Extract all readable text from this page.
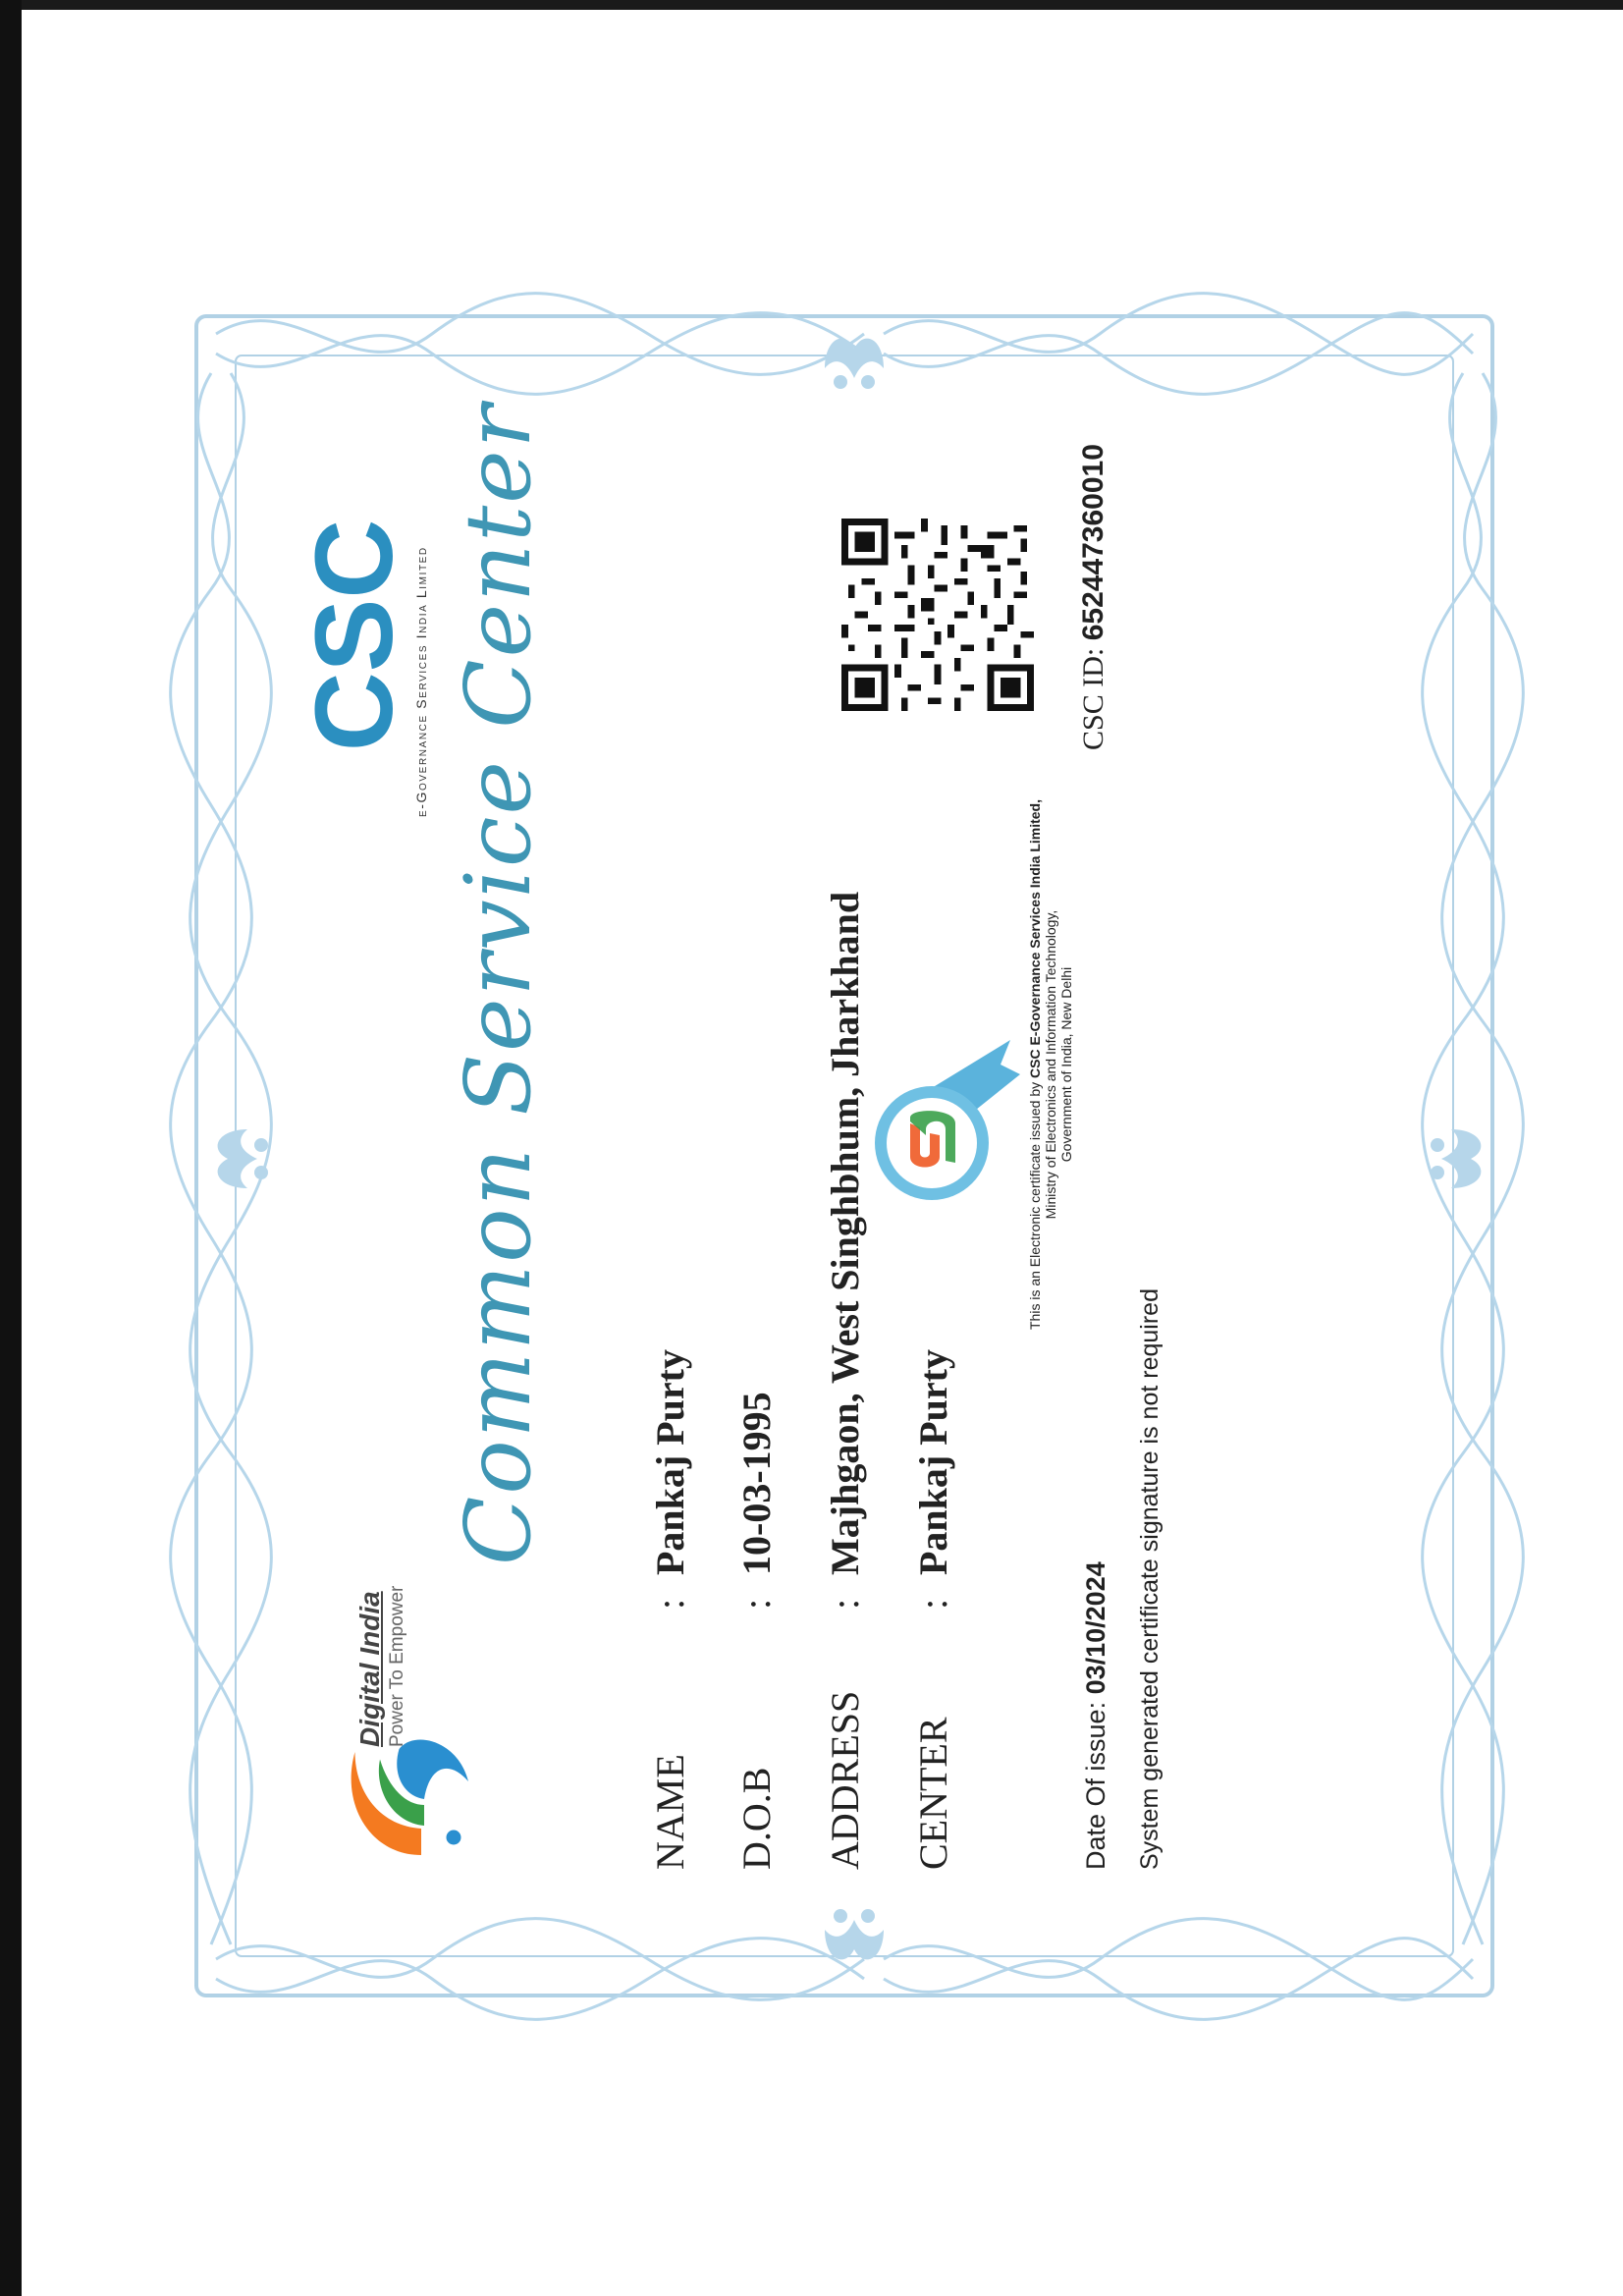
Digital India Power To Empower
CSC
e-Governance Services India Limited Common Service Center
NAME
:
Pankaj Purty
D.O.B
:
10-03-1995
ADDRESS
:
Majhgaon, West Singhbhum, Jharkhand
CENTER
:
Pankaj Purty
This is an Electronic certificate issued by CSC E-Governance Services India Limited,
Ministry of Electronics and Information Technology,
Government of India, New Delhi
Date Of issue: 03/10/2024 System generated certificate signature is not required
CSC ID: 652447360010
